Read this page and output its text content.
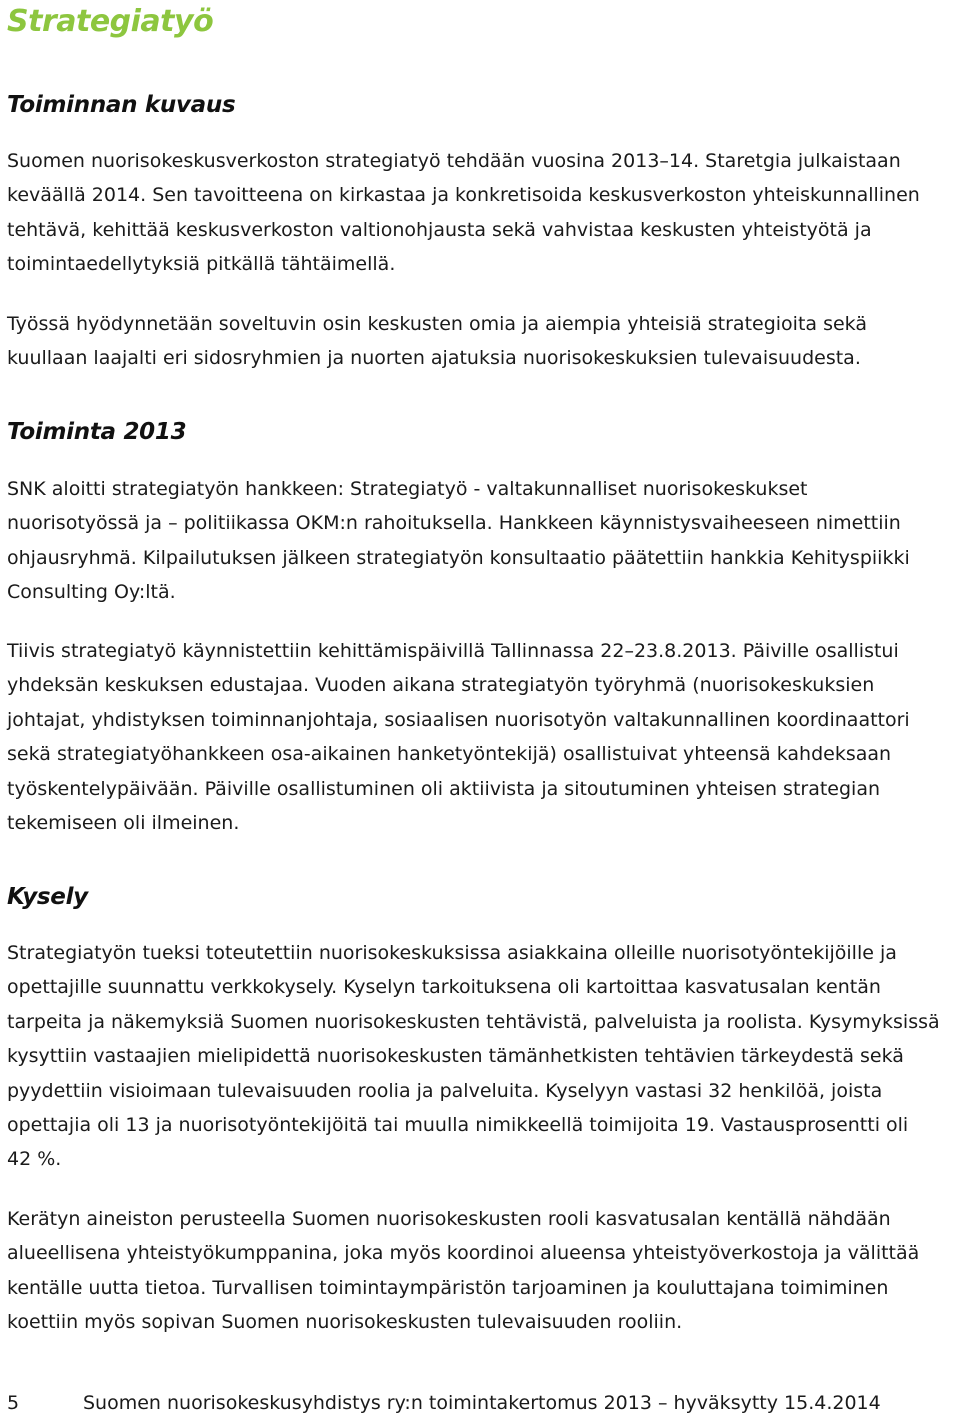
Strategiatyö
Toiminnan kuvaus

Suomen nuorisokeskusverkoston strategiatyö tehdään vuosina 2013–14. Staretgia julkaistaan
keväällä 2014. Sen tavoitteena on kirkastaa ja konkretisoida keskusverkoston yhteiskunnallinen
tehtävä, kehittää keskusverkoston valtionohjausta sekä vahvistaa keskusten yhteistyötä ja
toimintaedellytyksiä pitkällä tähtäimellä.

Työssä hyödynnetään soveltuvin osin keskusten omia ja aiempia yhteisiä strategioita sekä
kuullaan laajalti eri sidosryhmien ja nuorten ajatuksia nuorisokeskuksien tulevaisuudesta.

Toiminta 2013

SNK aloitti strategiatyön hankkeen: Strategiatyö - valtakunnalliset nuorisokeskukset
nuorisotyössä ja – politiikassa OKM:n rahoituksella. Hankkeen käynnistysvaiheeseen nimettiin
ohjausryhmä. Kilpailutuksen jälkeen strategiatyön konsultaatio päätettiin hankkia Kehityspiikki
Consulting Oy:ltä.

Tiivis strategiatyö käynnistettiin kehittämispäivillä Tallinnassa 22–23.8.2013. Päiville osallistui
yhdeksän keskuksen edustajaa. Vuoden aikana strategiatyön työryhmä (nuorisokeskuksien
johtajat, yhdistyksen toiminnanjohtaja, sosiaalisen nuorisotyön valtakunnallinen koordinaattori
sekä strategiatyöhankkeen osa-aikainen hanketyöntekijä) osallistuivat yhteensä kahdeksaan
työskentelypäivään. Päiville osallistuminen oli aktiivista ja sitoutuminen yhteisen strategian
tekemiseen oli ilmeinen.

Kysely

Strategiatyön tueksi toteutettiin nuorisokeskuksissa asiakkaina olleille nuorisotyöntekijöille ja
opettajille suunnattu verkkokysely. Kyselyn tarkoituksena oli kartoittaa kasvatusalan kentän
tarpeita ja näkemyksiä Suomen nuorisokeskusten tehtävistä, palveluista ja roolista. Kysymyksissä
kysyttiin vastaajien mielipidettä nuorisokeskusten tämänhetkisten tehtävien tärkeydestä sekä
pyydettiin visioimaan tulevaisuuden roolia ja palveluita. Kyselyyn vastasi 32 henkilöä, joista
opettajia oli 13 ja nuorisotyöntekijöitä tai muulla nimikkeellä toimijoita 19. Vastausprosentti oli
42 %.

Kerätyn aineiston perusteella Suomen nuorisokeskusten rooli kasvatusalan kentällä nähdään
alueellisena yhteistyökumppanina, joka myös koordinoi alueensa yhteistyöverkostoja ja välittää
kentälle uutta tietoa. Turvallisen toimintaympäristön tarjoaminen ja kouluttajana toimiminen
koettiin myös sopivan Suomen nuorisokeskusten tulevaisuuden rooliin.

5	Suomen nuorisokeskusyhdistys ry:n toimintakertomus 2013 – hyväksytty 15.4.2014
